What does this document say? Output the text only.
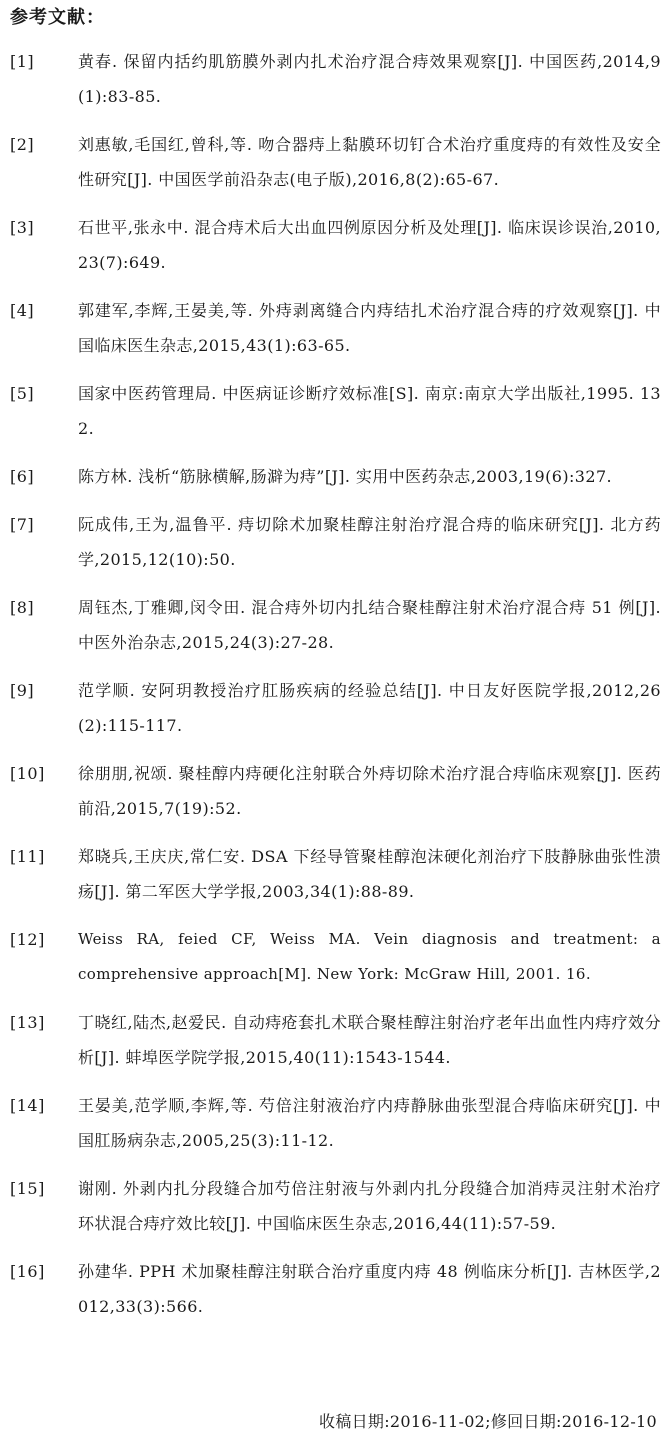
参考文献：
[1]	黄春. 保留内括约肌筋膜外剥内扎术治疗混合痔效果观察[J]. 中国医药,2014,9(1):83-85.
[2]	刘惠敏,毛国红,曾科,等. 吻合器痔上黏膜环切钉合术治疗重度痔的有效性及安全性研究[J]. 中国医学前沿杂志(电子版),2016,8(2):65-67.
[3]	石世平,张永中. 混合痔术后大出血四例原因分析及处理[J]. 临床误诊误治,2010,23(7):649.
[4]	郭建军,李辉,王晏美,等. 外痔剥离缝合内痔结扎术治疗混合痔的疗效观察[J]. 中国临床医生杂志,2015,43(1):63-65.
[5]	国家中医药管理局. 中医病证诊断疗效标准[S]. 南京:南京大学出版社,1995. 132.
[6]	陈方林. 浅析“筋脉横解,肠澼为痔”[J]. 实用中医药杂志,2003,19(6):327.
[7]	阮成伟,王为,温鲁平. 痔切除术加聚桂醇注射治疗混合痔的临床研究[J]. 北方药学,2015,12(10):50.
[8]	周钰杰,丁雅卿,闵令田. 混合痔外切内扎结合聚桂醇注射术治疗混合痔 51 例[J]. 中医外治杂志,2015,24(3):27-28.
[9]	范学顺. 安阿玥教授治疗肛肠疾病的经验总结[J]. 中日友好医院学报,2012,26(2):115-117.
[10]	徐朋朋,祝颂. 聚桂醇内痔硬化注射联合外痔切除术治疗混合痔临床观察[J]. 医药前沿,2015,7(19):52.
[11]	郑晓兵,王庆庆,常仁安. DSA 下经导管聚桂醇泡沫硬化剂治疗下肢静脉曲张性溃疡[J]. 第二军医大学学报,2003,34(1):88-89.
[12]	Weiss RA, feied CF, Weiss MA. Vein diagnosis and treatment: a comprehensive approach[M]. New York: McGraw Hill, 2001. 16.
[13]	丁晓红,陆杰,赵爱民. 自动痔疮套扎术联合聚桂醇注射治疗老年出血性内痔疗效分析[J]. 蚌埠医学院学报,2015,40(11):1543-1544.
[14]	王晏美,范学顺,李辉,等. 芍倍注射液治疗内痔静脉曲张型混合痔临床研究[J]. 中国肛肠病杂志,2005,25(3):11-12.
[15]	谢刚. 外剥内扎分段缝合加芍倍注射液与外剥内扎分段缝合加消痔灵注射术治疗环状混合痔疗效比较[J]. 中国临床医生杂志,2016,44(11):57-59.
[16]	孙建华. PPH 术加聚桂醇注射联合治疗重度内痔 48 例临床分析[J]. 吉林医学,2012,33(3):566.
收稿日期:2016-11-02;修回日期:2016-12-10
